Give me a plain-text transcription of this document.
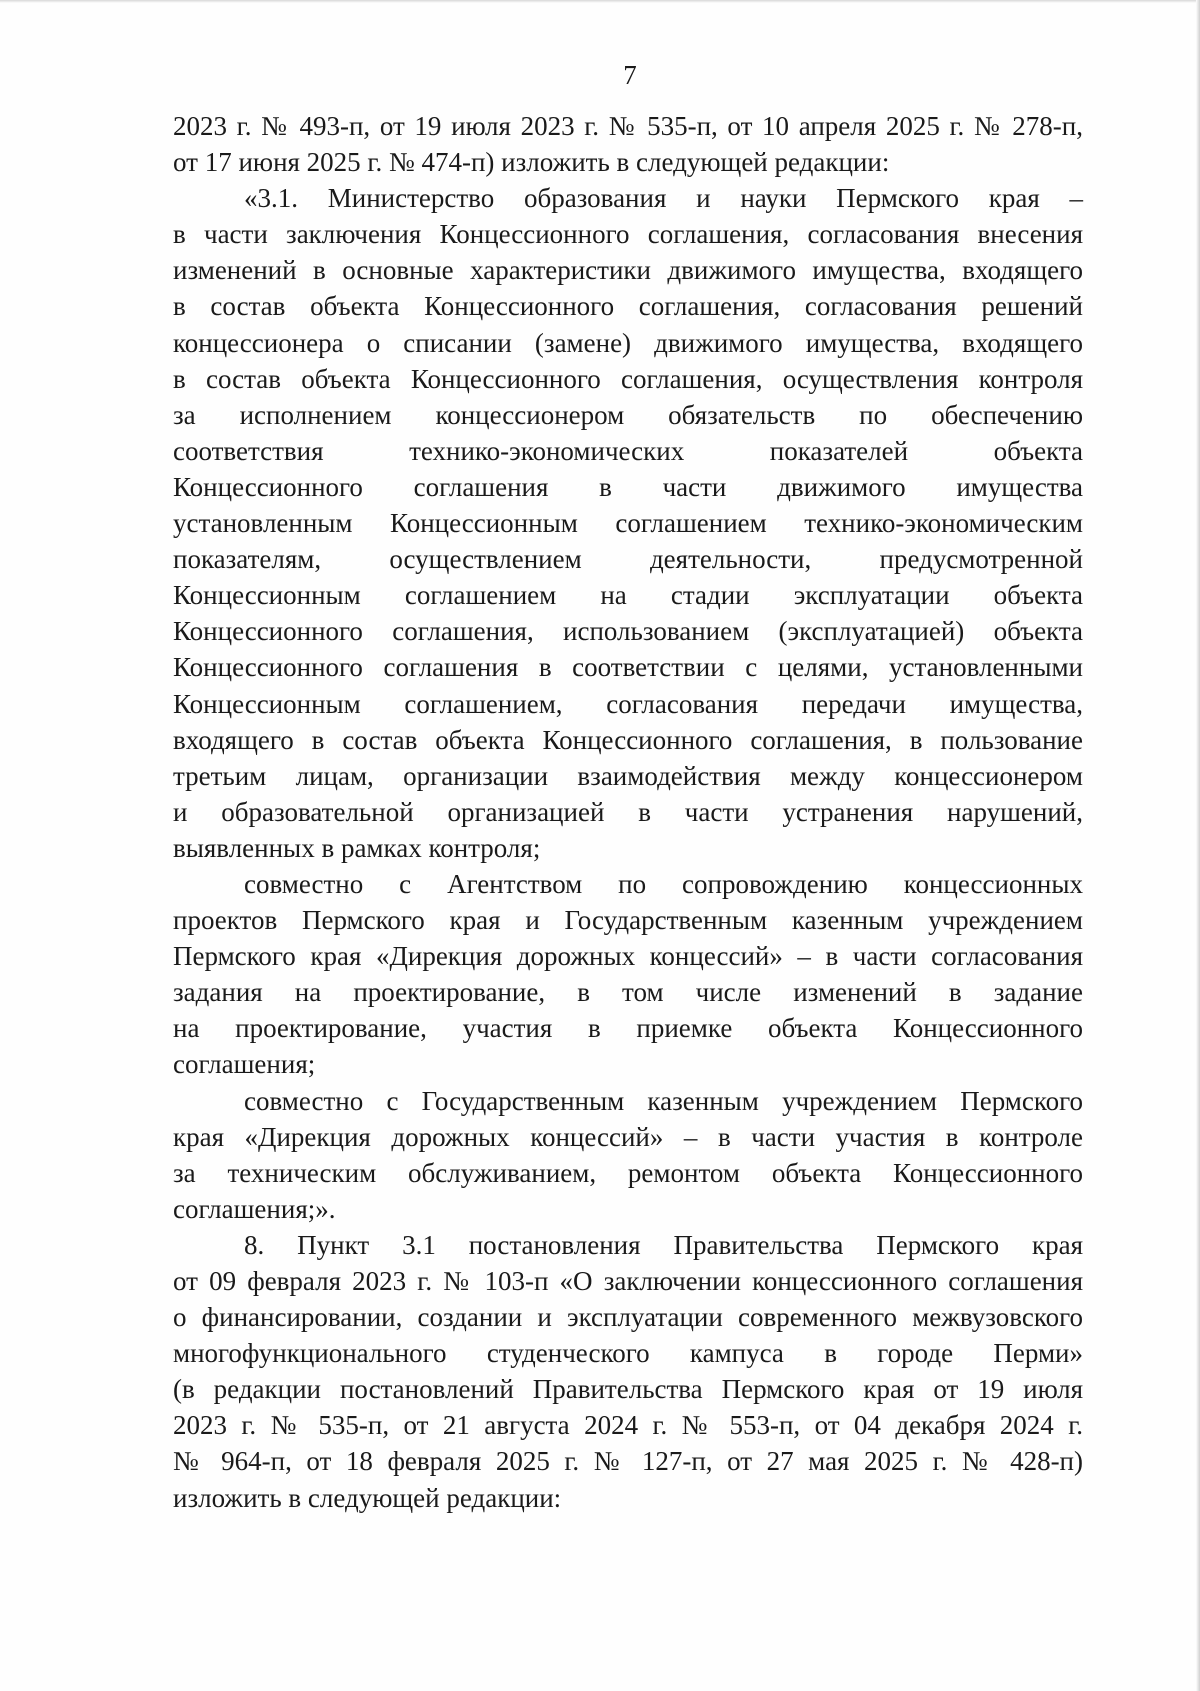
7
2023 г. № 493-п, от 19 июля 2023 г. № 535-п, от 10 апреля 2025 г. № 278-п,
от 17 июня 2025 г. № 474-п) изложить в следующей редакции:
«3.1. Министерство образования и науки Пермского края –
в части заключения Концессионного соглашения, согласования внесения
изменений в основные характеристики движимого имущества, входящего
в состав объекта Концессионного соглашения, согласования решений
концессионера о списании (замене) движимого имущества, входящего
в состав объекта Концессионного соглашения, осуществления контроля
за исполнением концессионером обязательств по обеспечению
соответствия технико-экономических показателей объекта
Концессионного соглашения в части движимого имущества
установленным Концессионным соглашением технико-экономическим
показателям, осуществлением деятельности, предусмотренной
Концессионным соглашением на стадии эксплуатации объекта
Концессионного соглашения, использованием (эксплуатацией) объекта
Концессионного соглашения в соответствии с целями, установленными
Концессионным соглашением, согласования передачи имущества,
входящего в состав объекта Концессионного соглашения, в пользование
третьим лицам, организации взаимодействия между концессионером
и образовательной организацией в части устранения нарушений,
выявленных в рамках контроля;
совместно с Агентством по сопровождению концессионных
проектов Пермского края и Государственным казенным учреждением
Пермского края «Дирекция дорожных концессий» – в части согласования
задания на проектирование, в том числе изменений в задание
на проектирование, участия в приемке объекта Концессионного
соглашения;
совместно с Государственным казенным учреждением Пермского
края «Дирекция дорожных концессий» – в части участия в контроле
за техническим обслуживанием, ремонтом объекта Концессионного
соглашения;».
8. Пункт 3.1 постановления Правительства Пермского края
от 09 февраля 2023 г. № 103-п «О заключении концессионного соглашения
о финансировании, создании и эксплуатации современного межвузовского
многофункционального студенческого кампуса в городе Перми»
(в редакции постановлений Правительства Пермского края от 19 июля
2023 г. № 535-п, от 21 августа 2024 г. № 553-п, от 04 декабря 2024 г.
№ 964-п, от 18 февраля 2025 г. № 127-п, от 27 мая 2025 г. № 428-п)
изложить в следующей редакции:
